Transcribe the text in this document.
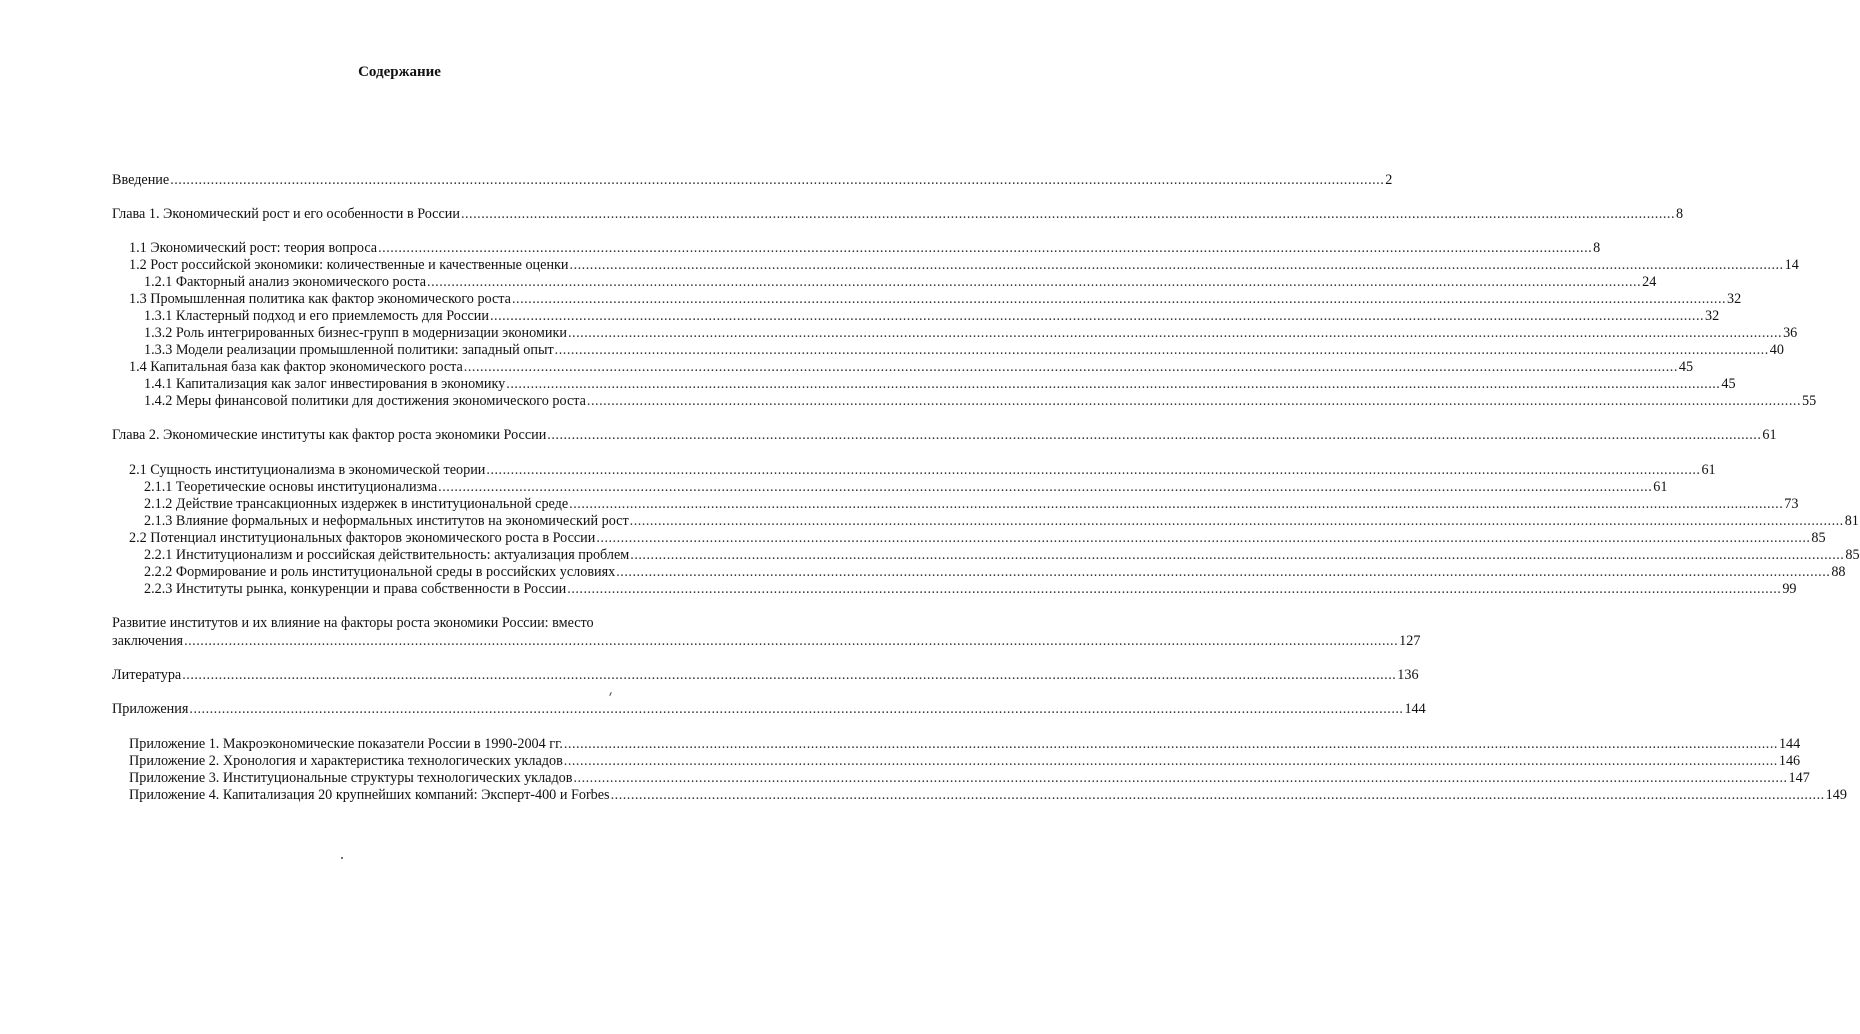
Содержание
Введение ............................................................................................................................................................................................................................................................................................................ 2
Глава 1. Экономический рост и его особенности в России ............................................................................................................................................................................................................................................................................................................ 8
1.1 Экономический рост: теория вопроса ............................................................................................................................................................................................................................................................................................................ 8
1.2 Рост российской экономики: количественные и качественные оценки ............................................................................................................................................................................................................................................................................................................ 14
1.2.1 Факторный анализ экономического роста ............................................................................................................................................................................................................................................................................................................ 24
1.3 Промышленная политика как фактор экономического роста ............................................................................................................................................................................................................................................................................................................ 32
1.3.1 Кластерный подход и его приемлемость для России ............................................................................................................................................................................................................................................................................................................ 32
1.3.2 Роль интегрированных бизнес-групп в модернизации экономики ............................................................................................................................................................................................................................................................................................................ 36
1.3.3 Модели реализации промышленной политики: западный опыт ............................................................................................................................................................................................................................................................................................................ 40
1.4 Капитальная база как фактор экономического роста ............................................................................................................................................................................................................................................................................................................ 45
1.4.1 Капитализация как залог инвестирования в экономику ............................................................................................................................................................................................................................................................................................................ 45
1.4.2 Меры финансовой политики для достижения экономического роста ............................................................................................................................................................................................................................................................................................................ 55
Глава 2. Экономические институты как фактор роста экономики России ............................................................................................................................................................................................................................................................................................................ 61
2.1 Сущность институционализма в экономической теории ............................................................................................................................................................................................................................................................................................................ 61
2.1.1 Теоретические основы институционализма ............................................................................................................................................................................................................................................................................................................ 61
2.1.2 Действие трансакционных издержек в институциональной среде ............................................................................................................................................................................................................................................................................................................ 73
2.1.3 Влияние формальных и неформальных институтов на экономический рост ............................................................................................................................................................................................................................................................................................................ 81
2.2 Потенциал институциональных факторов экономического роста в России ............................................................................................................................................................................................................................................................................................................ 85
2.2.1 Институционализм и российская действительность: актуализация проблем ............................................................................................................................................................................................................................................................................................................ 85
2.2.2 Формирование и роль институциональной среды в российских условиях ............................................................................................................................................................................................................................................................................................................ 88
2.2.3 Институты рынка, конкуренции и права собственности в России ............................................................................................................................................................................................................................................................................................................ 99
Развитие институтов и их влияние на факторы роста экономики России: вместо
заключения ............................................................................................................................................................................................................................................................................................................ 127
Литература ............................................................................................................................................................................................................................................................................................................ 136
Приложения ............................................................................................................................................................................................................................................................................................................ 144
Приложение 1. Макроэкономические показатели России в 1990-2004 гг. ............................................................................................................................................................................................................................................................................................................ 144
Приложение 2. Хронология и характеристика технологических укладов ............................................................................................................................................................................................................................................................................................................ 146
Приложение 3. Институциональные структуры технологических укладов ............................................................................................................................................................................................................................................................................................................ 147
Приложение 4. Капитализация 20 крупнейших компаний: Эксперт-400 и Forbes ............................................................................................................................................................................................................................................................................................................ 149
